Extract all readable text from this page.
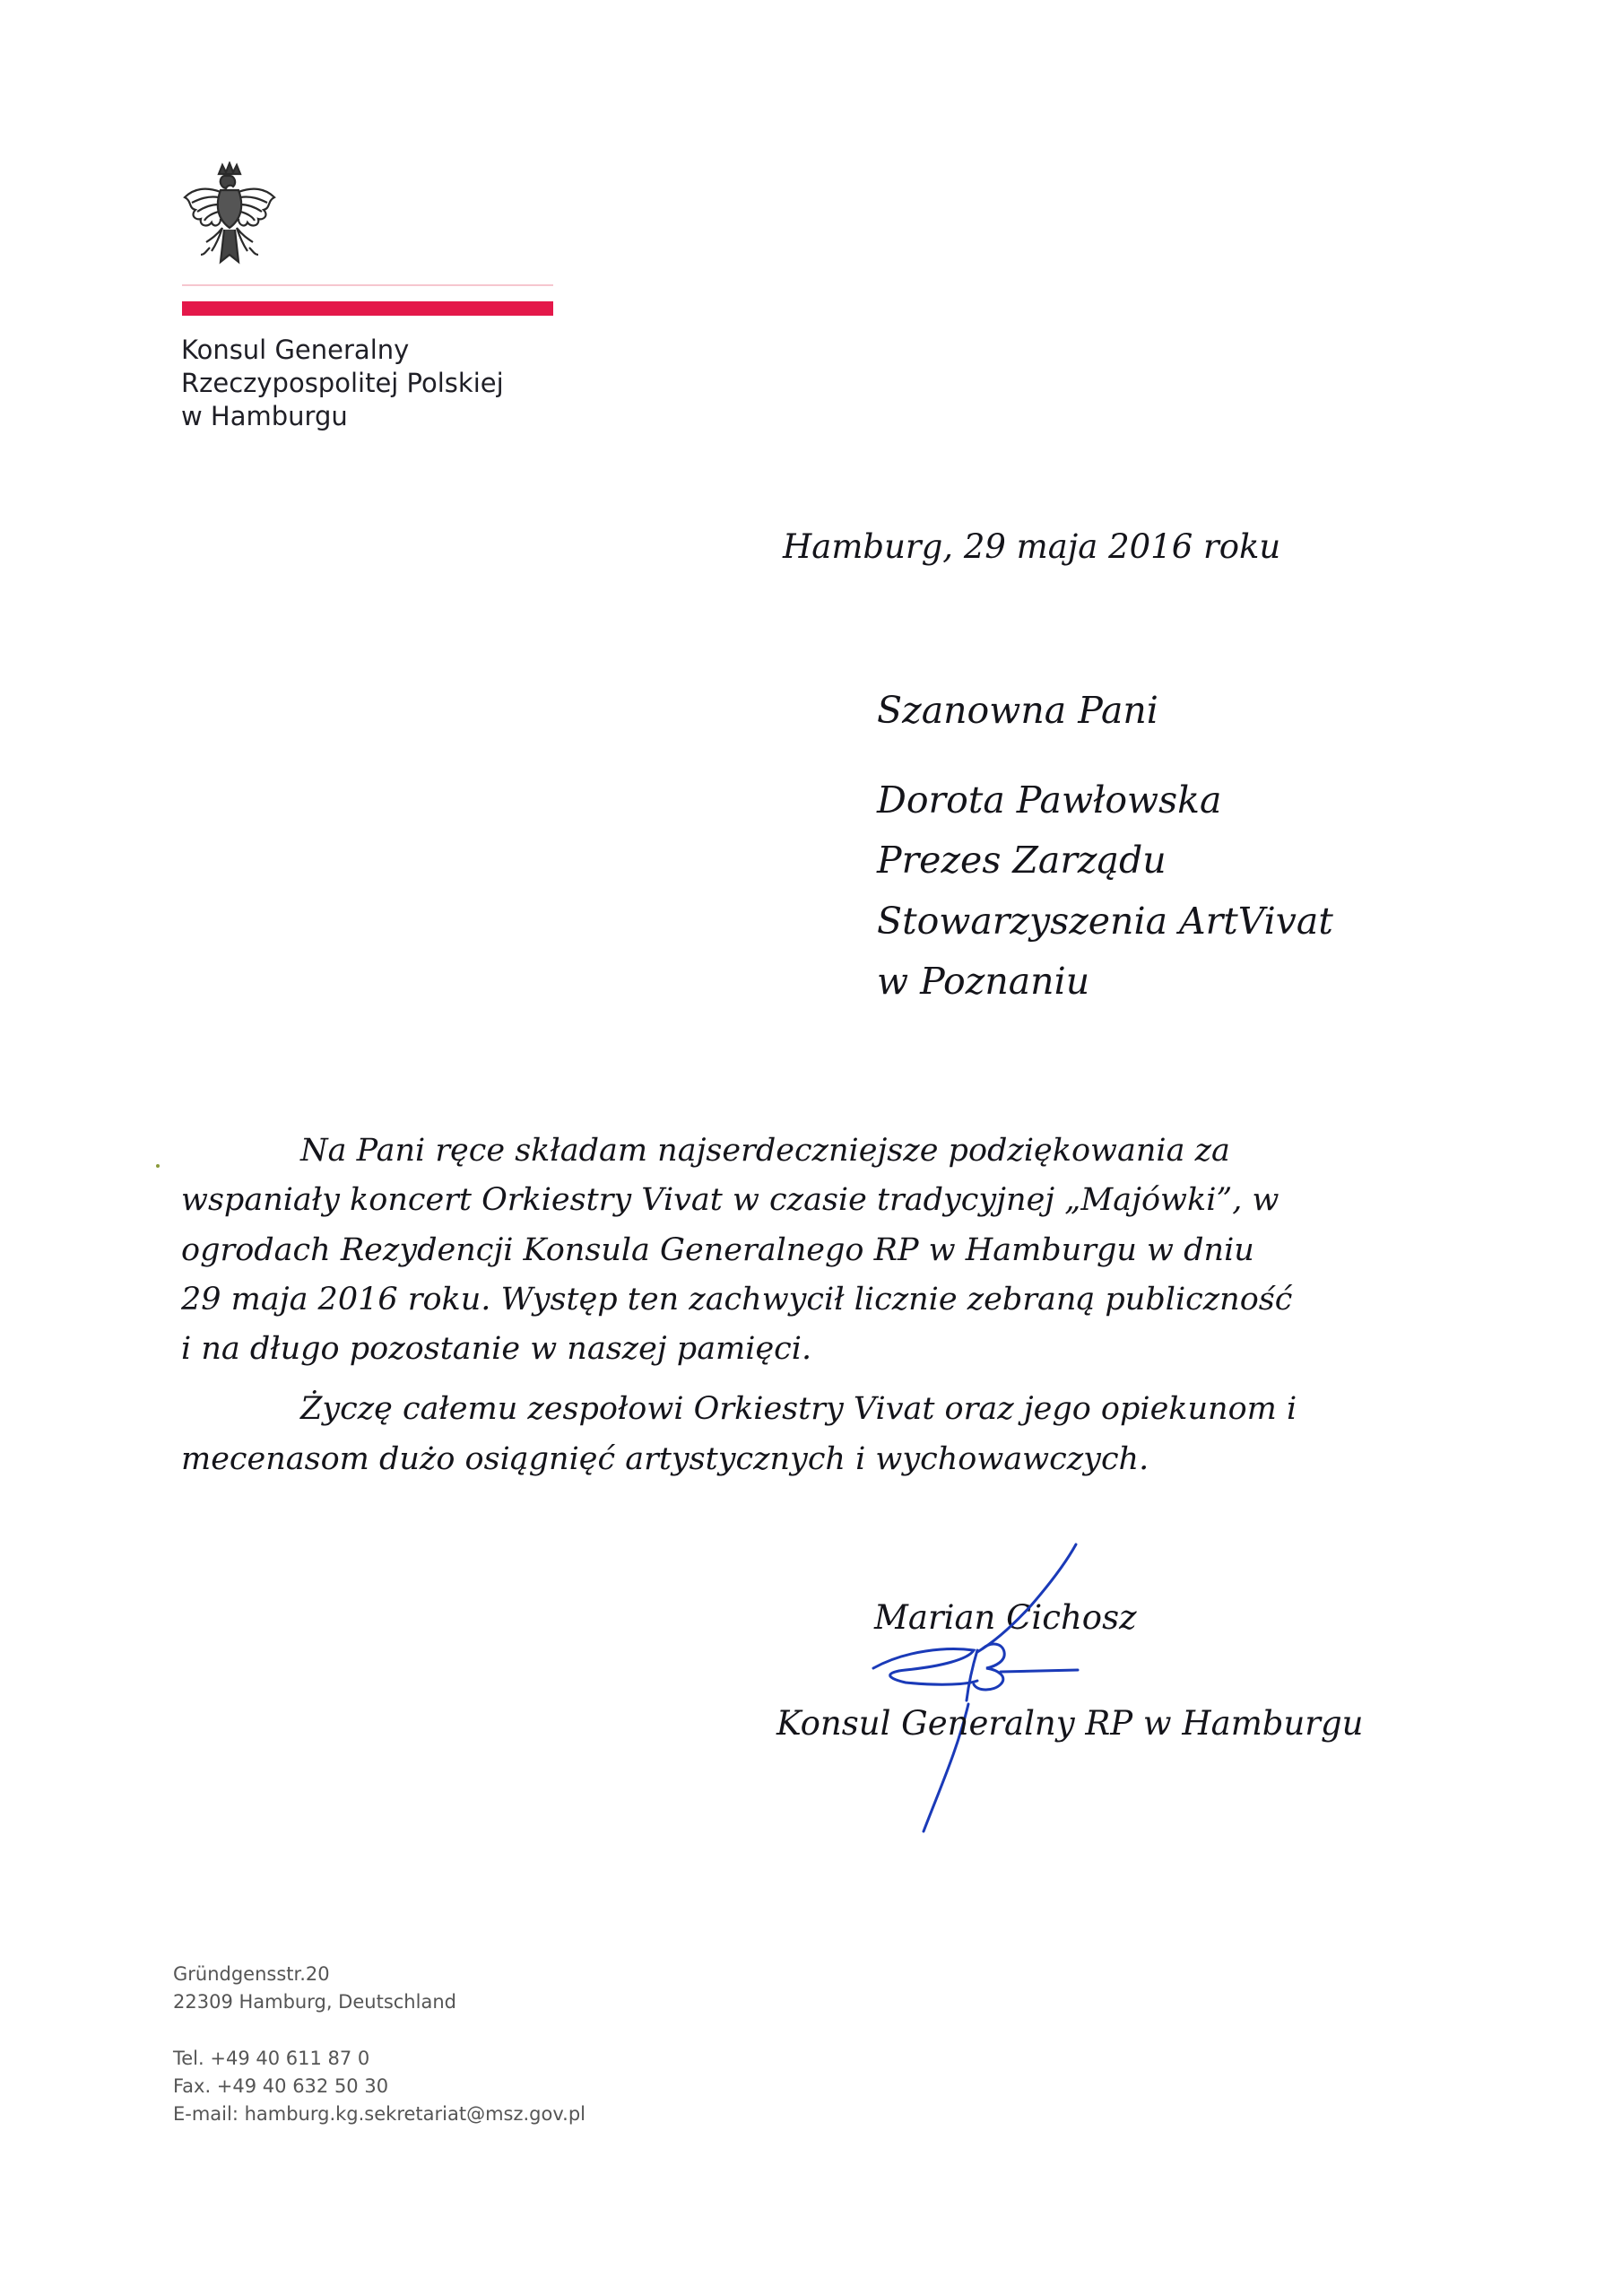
Konsul Generalny
Rzeczypospolitej Polskiej
w Hamburgu
Hamburg, 29 maja 2016 roku
Szanowna Pani
Dorota Pawłowska
Prezes Zarządu
Stowarzyszenia ArtVivat
w Poznaniu
Na Pani ręce składam najserdeczniejsze podziękowania za
wspaniały koncert Orkiestry Vivat w czasie tradycyjnej „Majówki”, w
ogrodach Rezydencji Konsula Generalnego RP w Hamburgu w dniu
29 maja 2016 roku. Występ ten zachwycił licznie zebraną publiczność
i na długo pozostanie w naszej pamięci.
Życzę całemu zespołowi Orkiestry Vivat oraz jego opiekunom i
mecenasom dużo osiągnięć artystycznych i wychowawczych.
Marian Cichosz
Konsul Generalny RP w Hamburgu
Gründgensstr.20
22309 Hamburg, Deutschland
Tel. +49 40 611 87 0
Fax. +49 40 632 50 30
E-mail: hamburg.kg.sekretariat@msz.gov.pl
